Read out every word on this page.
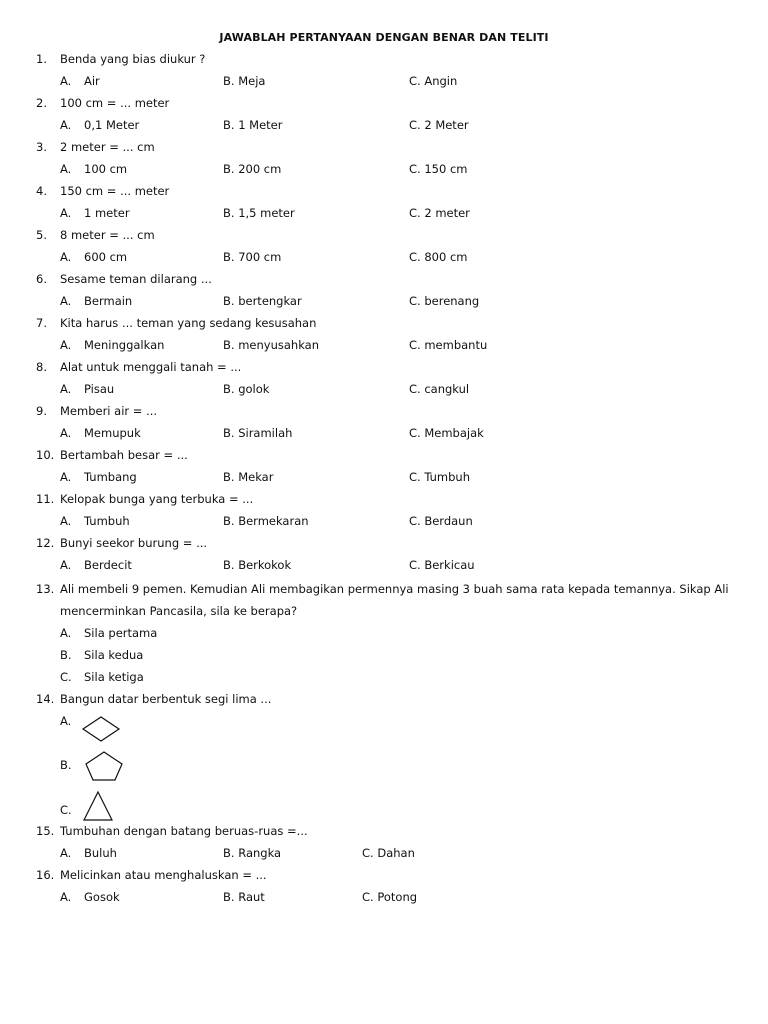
JAWABLAH PERTANYAAN DENGAN BENAR DAN TELITI
1. Benda yang bias diukur ?
A. Air	B. Meja	C. Angin
2. 100 cm = ... meter
A. 0,1 Meter	B. 1 Meter	C. 2 Meter
3. 2 meter = ... cm
A. 100 cm	B. 200 cm	C. 150 cm
4. 150 cm = ... meter
A. 1 meter	B. 1,5 meter	C. 2 meter
5. 8 meter = ... cm
A. 600 cm	B. 700 cm	C. 800 cm
6. Sesame teman dilarang ...
A. Bermain	B. bertengkar	C. berenang
7. Kita harus ... teman yang sedang kesusahan
A. Meninggalkan	B. menyusahkan	C. membantu
8. Alat untuk menggali tanah = ...
A. Pisau	B. golok	C. cangkul
9. Memberi air = ...
A. Memupuk	B. Siramilah	C. Membajak
10. Bertambah besar = ...
A. Tumbang	B. Mekar	C. Tumbuh
11. Kelopak bunga yang terbuka = ...
A. Tumbuh	B. Bermekaran	C. Berdaun
12. Bunyi seekor burung = ...
A. Berdecit	B. Berkokok	C. Berkicau
13. Ali membeli 9 pemen. Kemudian Ali membagikan permennya masing 3 buah sama rata kepada temannya. Sikap Ali
mencerminkan Pancasila, sila ke berapa?
A. Sila pertama
B. Sila kedua
C. Sila ketiga
14. Bangun datar berbentuk segi lima ...
A.
B.
C.
15. Tumbuhan dengan batang beruas-ruas =...
A. Buluh	B. Rangka	C. Dahan
16. Melicinkan atau menghaluskan = ...
A. Gosok	B. Raut	C. Potong
